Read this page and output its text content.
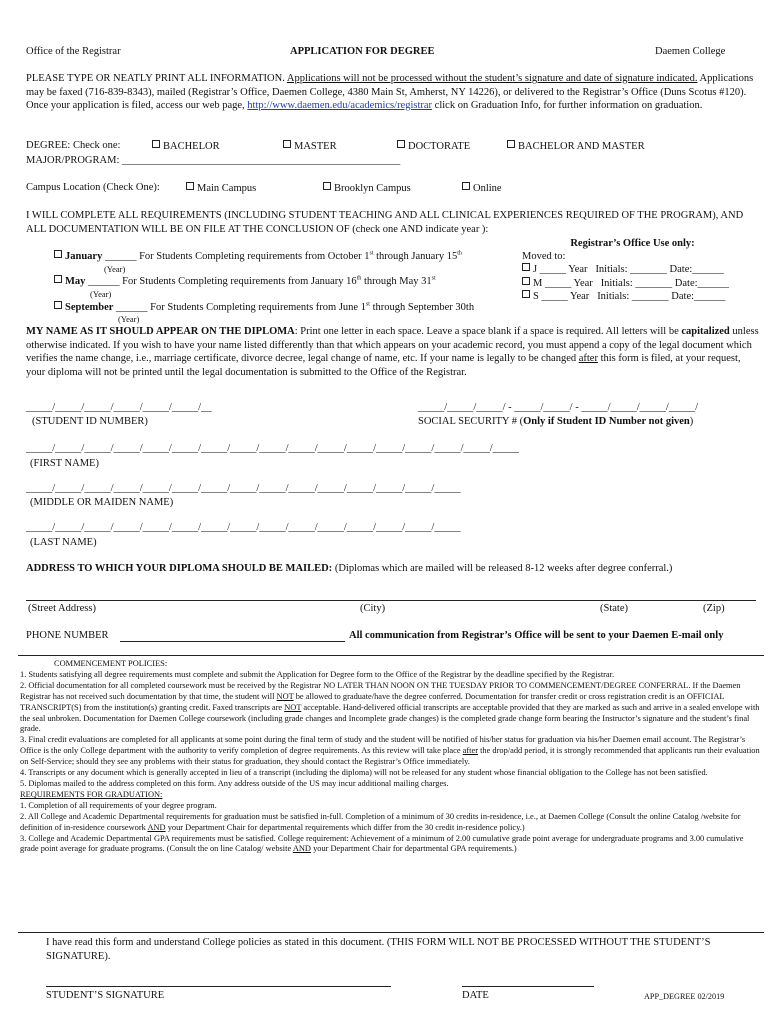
Office of the Registrar	APPLICATION FOR DEGREE	Daemen College
PLEASE TYPE OR NEATLY PRINT ALL INFORMATION. Applications will not be processed without the student’s signature and date of signature indicated. Applications may be faxed (716-839-8343), mailed (Registrar’s Office, Daemen College, 4380 Main St, Amherst, NY 14226), or delivered to the Registrar’s Office (Duns Scotus #120). Once your application is filed, access our web page, http://www.daemen.edu/academics/registrar click on Graduation Info, for further information on graduation.
DEGREE: Check one:	BACHELOR	MASTER	DOCTORATE	BACHELOR AND MASTER
MAJOR/PROGRAM: _____________________________________________________
Campus Location (Check One):	Main Campus	Brooklyn Campus	Online
I WILL COMPLETE ALL REQUIREMENTS (INCLUDING STUDENT TEACHING AND ALL CLINICAL EXPERIENCES REQUIRED OF THE PROGRAM), AND ALL DOCUMENTATION WILL BE ON FILE AT THE CONCLUSION OF (check one AND indicate year ):
January ______ For Students Completing requirements from October 1st through January 15th
(Year)
May ______ For Students Completing requirements from January 16th through May 31st
(Year)
September ______ For Students Completing requirements from June 1st through September 30th
(Year)
Registrar’s Office Use only:
Moved to:
J _____ Year Initials: _______ Date:______
M _____ Year Initials: _______ Date:______
S _____ Year Initials: _______ Date:______
MY NAME AS IT SHOULD APPEAR ON THE DIPLOMA: Print one letter in each space. Leave a space blank if a space is required. All letters will be capitalized unless otherwise indicated. If you wish to have your name listed differently than that which appears on your academic record, you must append a copy of the legal document which verifies the name change, i.e., marriage certificate, divorce decree, legal change of name, etc. If your name is legally to be changed after this form is filed, at your request, your diploma will not be printed until the legal documentation is submitted to the Office of the Registrar.
_____/_____/_____/_____/_____/_____/__
(STUDENT ID NUMBER)
_____/_____/_____/ - _____/_____/ - _____/_____/_____/_____/
SOCIAL SECURITY # (Only if Student ID Number not given)
_____/_____/_____/_____/_____/_____/_____/_____/_____/_____/_____/_____/_____/_____/_____/_____/_____
(FIRST NAME)
_____/_____/_____/_____/_____/_____/_____/_____/_____/_____/_____/_____/_____/_____/_____
(MIDDLE OR MAIDEN NAME)
_____/_____/_____/_____/_____/_____/_____/_____/_____/_____/_____/_____/_____/_____/_____
(LAST NAME)
ADDRESS TO WHICH YOUR DIPLOMA SHOULD BE MAILED: (Diplomas which are mailed will be released 8-12 weeks after degree conferral.)
(Street Address)	(City)	(State)	(Zip)
PHONE NUMBER	All communication from Registrar’s Office will be sent to your Daemen E-mail only
COMMENCEMENT POLICIES:
1. Students satisfying all degree requirements must complete and submit the Application for Degree form to the Office of the Registrar by the deadline specified by the Registrar.
2. Official documentation for all completed coursework must be received by the Registrar NO LATER THAN NOON ON THE TUESDAY PRIOR TO COMMENCEMENT/DEGREE CONFERRAL. If the Daemen Registrar has not received such documentation by that time, the student will NOT be allowed to graduate/have the degree conferred. Documentation for transfer credit or cross registration credit is an OFFICIAL TRANSCRIPT(S) from the institution(s) granting credit. Faxed transcripts are NOT acceptable. Hand-delivered official transcripts are acceptable provided that they are marked as such and arrive in a sealed envelope with the seal unbroken. Documentation for Daemen College coursework (including grade changes and Incomplete grade changes) is the completed grade change form bearing the Instructor’s signature and the student’s final grade.
3. Final credit evaluations are completed for all applicants at some point during the final term of study and the student will be notified of his/her status for graduation via his/her Daemen email account. The Registrar’s Office is the only College department with the authority to verify completion of degree requirements. As this review will take place after the drop/add period, it is strongly recommended that applicants run their evaluation on Self-Service; should they see any problems with their status for graduation, they should contact the Registrar’s Office immediately.
4. Transcripts or any document which is generally accepted in lieu of a transcript (including the diploma) will not be released for any student whose financial obligation to the College has not been satisfied.
5. Diplomas mailed to the address completed on this form. Any address outside of the US may incur additional mailing charges.
REQUIREMENTS FOR GRADUATION:
1. Completion of all requirements of your degree program.
2. All College and Academic Departmental requirements for graduation must be satisfied in-full. Completion of a minimum of 30 credits in-residence, i.e., at Daemen College (Consult the online Catalog /website for definition of in-residence coursework AND your Department Chair for departmental requirements which differ from the 30 credit in-residence policy.)
3. College and Academic Departmental GPA requirements must be satisfied. College requirement: Achievement of a minimum of 2.00 cumulative grade point average for undergraduate programs and 3.00 cumulative grade point average for graduate programs. (Consult the on line Catalog/ website AND your Department Chair for departmental GPA requirements.)
I have read this form and understand College policies as stated in this document. (THIS FORM WILL NOT BE PROCESSED WITHOUT THE STUDENT’S SIGNATURE).
STUDENT’S SIGNATURE	DATE	APP_DEGREE 02/2019
